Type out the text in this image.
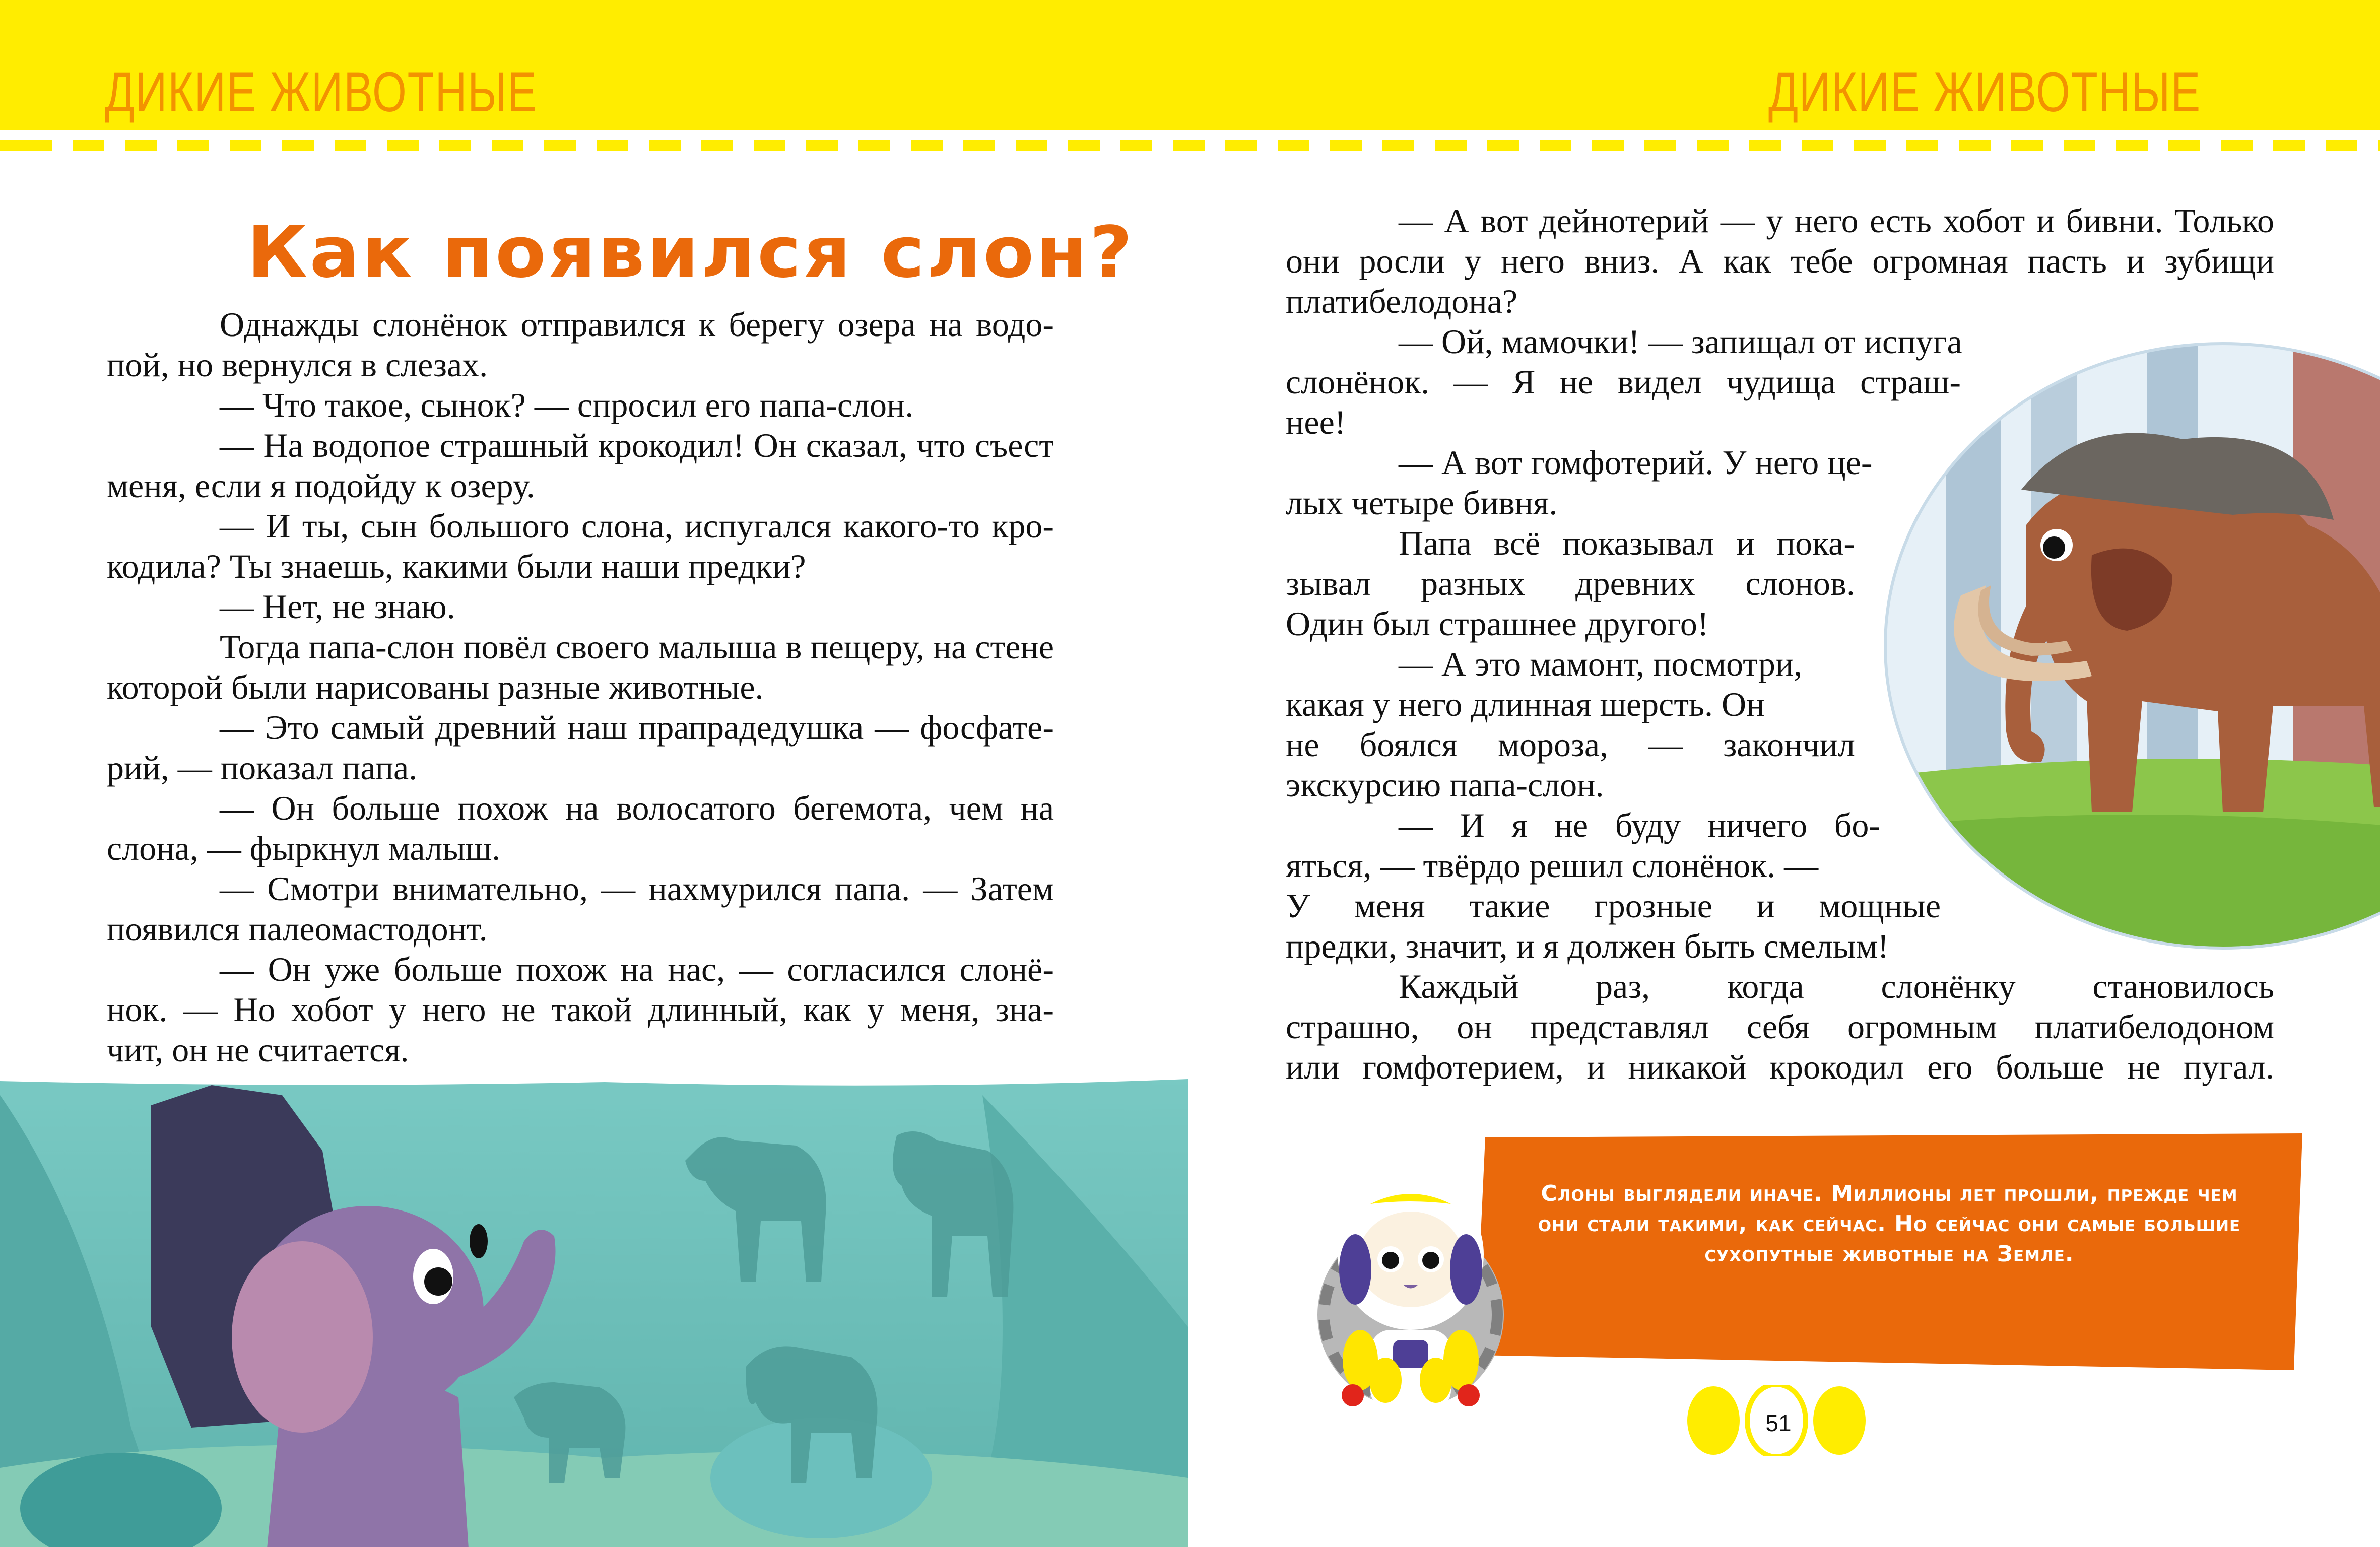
ДИКИЕ ЖИВОТНЫЕ	ДИКИЕ ЖИВОТНЫЕ
Как появился слон?
Однажды слонёнок отправился к берегу озера на водо-
пой, но вернулся в слезах.
— Что такое, сынок? — спросил его папа-слон.
— На водопое страшный крокодил! Он сказал, что съест
меня, если я подойду к озеру.
— И ты, сын большого слона, испугался какого-то кро-
кодила? Ты знаешь, какими были наши предки?
— Нет, не знаю.
Тогда папа-слон повёл своего малыша в пещеру, на стене
которой были нарисованы разные животные.
— Это самый древний наш прапрадедушка — фосфате-
рий, — показал папа.
— Он больше похож на волосатого бегемота, чем на
слона, — фыркнул малыш.
— Смотри внимательно, — нахмурился папа. — Затем
появился палеомастодонт.
— Он уже больше похож на нас, — согласился слонё-
нок. — Но хобот у него не такой длинный, как у меня, зна-
чит, он не считается.
— А вот дейнотерий — у него есть хобот и бивни. Только
они росли у него вниз. А как тебе огромная пасть и зубищи
платибелодона?
— Ой, мамочки! — запищал от испуга
слонёнок. — Я не видел чудища страш-
нее!
— А вот гомфотерий. У него це-
лых четыре бивня.
Папа всё показывал и пока-
зывал разных древних слонов.
Один был страшнее другого!
— А это мамонт, посмотри,
какая у него длинная шерсть. Он
не боялся мороза, — закончил
экскурсию папа-слон.
— И я не буду ничего бо-
яться, — твёрдо решил слонёнок. —
У меня такие грозные и мощные
предки, значит, и я должен быть смелым!
Каждый раз, когда слонёнку становилось
страшно, он представлял себя огромным платибелодоном
или гомфотерием, и никакой крокодил его больше не пугал.
Слоны выглядели иначе. Миллионы лет прошли, прежде чем они стали такими, как сейчас. Но сейчас они самые большие сухопутные животные на Земле.
51
